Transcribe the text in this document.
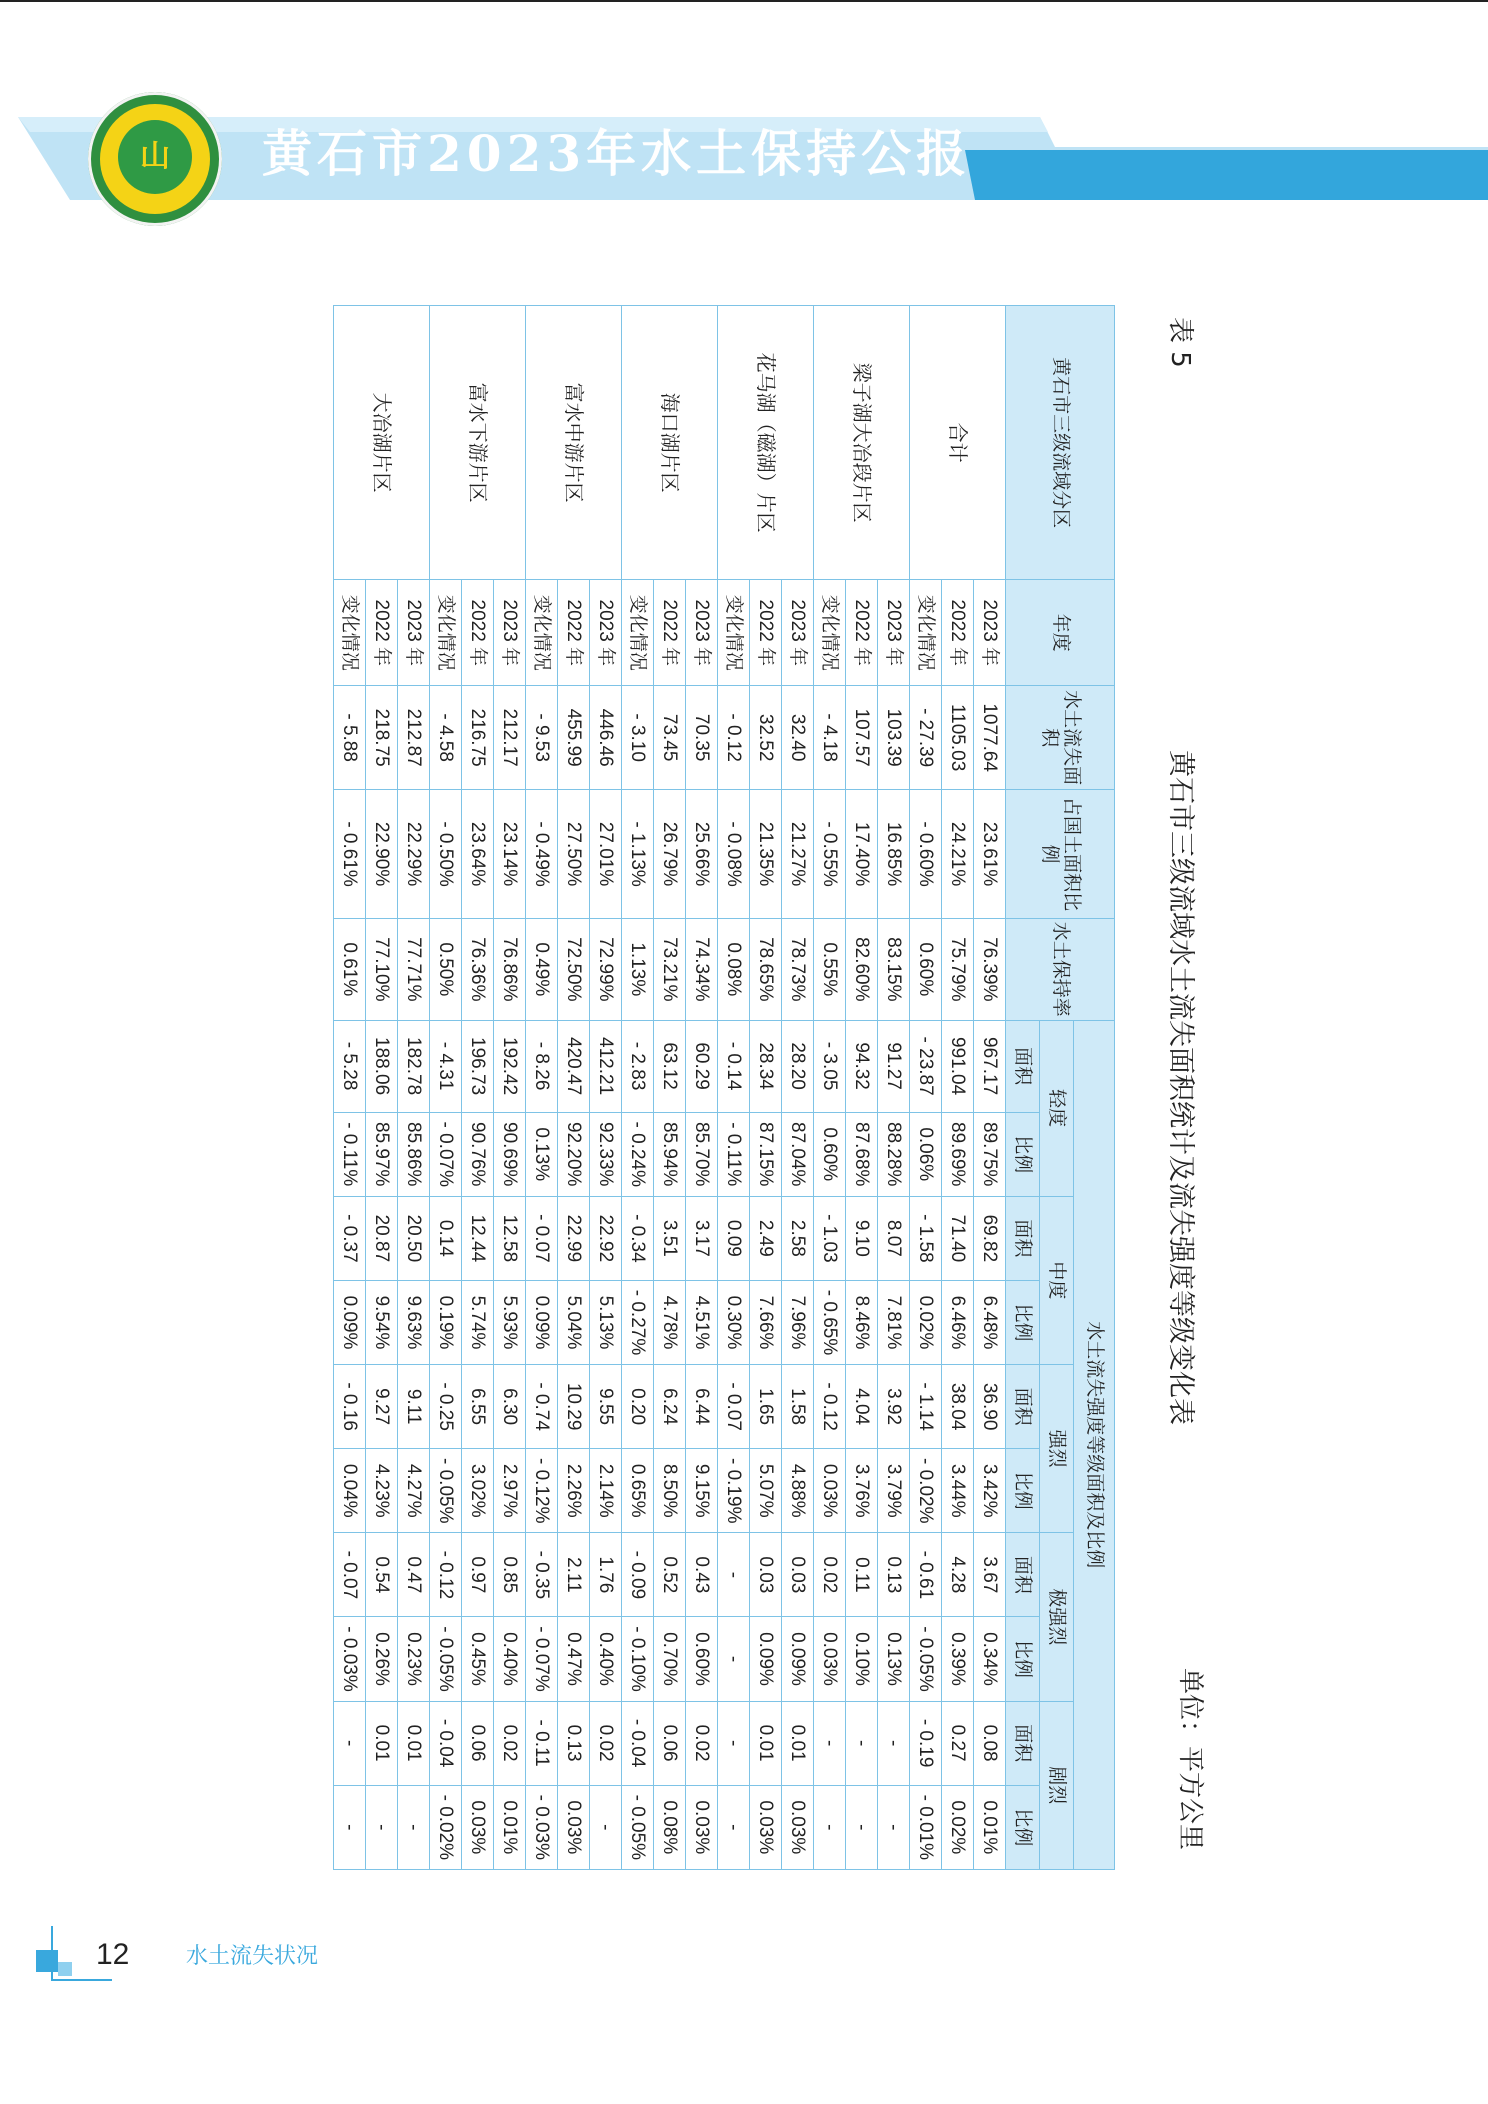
山 黄石市2023年水土保持公报
表 5
黄石市三级流域水土流失面积统计及流失强度等级变化表
单位：平方公里
黄石市三级流域分区	年度	水土流失面积	占国土面积比例	水土保持率	水土流失强度等级面积及比例									
					轻度		中度		强烈		极强烈		剧烈	
					面积	比例	面积	比例	面积	比例	面积	比例	面积	比例
合计	2023 年	1077.64	23.61%	76.39%	967.17	89.75%	69.82	6.48%	36.90	3.42%	3.67	0.34%	0.08	0.01%
	2022 年	1105.03	24.21%	75.79%	991.04	89.69%	71.40	6.46%	38.04	3.44%	4.28	0.39%	0.27	0.02%
	变化情况	- 27.39	- 0.60%	0.60%	- 23.87	0.06%	- 1.58	0.02%	- 1.14	- 0.02%	- 0.61	- 0.05%	- 0.19	- 0.01%
梁子湖大冶段片区	2023 年	103.39	16.85%	83.15%	91.27	88.28%	8.07	7.81%	3.92	3.79%	0.13	0.13%	-	-
	2022 年	107.57	17.40%	82.60%	94.32	87.68%	9.10	8.46%	4.04	3.76%	0.11	0.10%	-	-
	变化情况	- 4.18	- 0.55%	0.55%	- 3.05	0.60%	- 1.03	- 0.65%	- 0.12	0.03%	0.02	0.03%	-	-
花马湖（磁湖）片区	2023 年	32.40	21.27%	78.73%	28.20	87.04%	2.58	7.96%	1.58	4.88%	0.03	0.09%	0.01	0.03%
	2022 年	32.52	21.35%	78.65%	28.34	87.15%	2.49	7.66%	1.65	5.07%	0.03	0.09%	0.01	0.03%
	变化情况	- 0.12	- 0.08%	0.08%	- 0.14	- 0.11%	0.09	0.30%	- 0.07	- 0.19%	-	-	-	-
海口湖片区	2023 年	70.35	25.66%	74.34%	60.29	85.70%	3.17	4.51%	6.44	9.15%	0.43	0.60%	0.02	0.03%
	2022 年	73.45	26.79%	73.21%	63.12	85.94%	3.51	4.78%	6.24	8.50%	0.52	0.70%	0.06	0.08%
	变化情况	- 3.10	- 1.13%	1.13%	- 2.83	- 0.24%	- 0.34	- 0.27%	0.20	0.65%	- 0.09	- 0.10%	- 0.04	- 0.05%
富水中游片区	2023 年	446.46	27.01%	72.99%	412.21	92.33%	22.92	5.13%	9.55	2.14%	1.76	0.40%	0.02	-
	2022 年	455.99	27.50%	72.50%	420.47	92.20%	22.99	5.04%	10.29	2.26%	2.11	0.47%	0.13	0.03%
	变化情况	- 9.53	- 0.49%	0.49%	- 8.26	0.13%	- 0.07	0.09%	- 0.74	- 0.12%	- 0.35	- 0.07%	- 0.11	- 0.03%
富水下游片区	2023 年	212.17	23.14%	76.86%	192.42	90.69%	12.58	5.93%	6.30	2.97%	0.85	0.40%	0.02	0.01%
	2022 年	216.75	23.64%	76.36%	196.73	90.76%	12.44	5.74%	6.55	3.02%	0.97	0.45%	0.06	0.03%
	变化情况	- 4.58	- 0.50%	0.50%	- 4.31	- 0.07%	0.14	0.19%	- 0.25	- 0.05%	- 0.12	- 0.05%	- 0.04	- 0.02%
大冶湖片区	2023 年	212.87	22.29%	77.71%	182.78	85.86%	20.50	9.63%	9.11	4.27%	0.47	0.23%	0.01	-
	2022 年	218.75	22.90%	77.10%	188.06	85.97%	20.87	9.54%	9.27	4.23%	0.54	0.26%	0.01	-
	变化情况	- 5.88	- 0.61%	0.61%	- 5.28	- 0.11%	- 0.37	0.09%	- 0.16	0.04%	- 0.07	- 0.03%	-	-
12	水土流失状况
